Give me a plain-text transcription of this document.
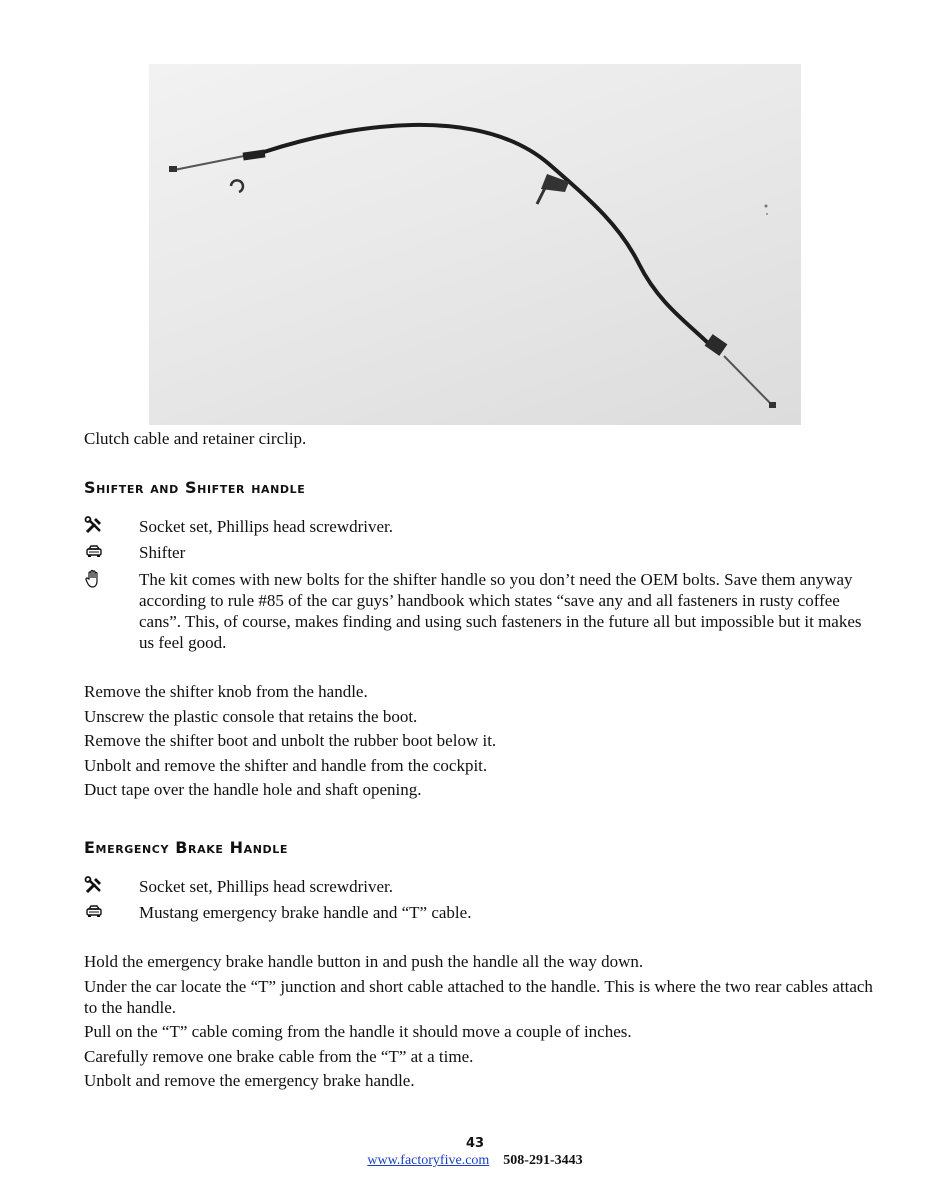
Clutch cable and retainer circlip.
Shifter and Shifter handle
Socket set, Phillips head screwdriver.
Shifter
The kit comes with new bolts for the shifter handle so you don’t need the OEM bolts. Save them anyway according to rule #85 of the car guys’ handbook which states “save any and all fasteners in rusty coffee cans”. This, of course, makes finding and using such fasteners in the future all but impossible but it makes us feel good.
Remove the shifter knob from the handle.
Unscrew the plastic console that retains the boot.
Remove the shifter boot and unbolt the rubber boot below it.
Unbolt and remove the shifter and handle from the cockpit.
Duct tape over the handle hole and shaft opening.
Emergency Brake Handle
Socket set, Phillips head screwdriver.
Mustang emergency brake handle and “T” cable.
Hold the emergency brake handle button in and push the handle all the way down.
Under the car locate the “T” junction and short cable attached to the handle. This is where the two rear cables attach to the handle.
Pull on the “T” cable coming from the handle it should move a couple of inches.
Carefully remove one brake cable from the “T” at a time.
Unbolt and remove the emergency brake handle.
43
www.factoryfive.com 508-291-3443
